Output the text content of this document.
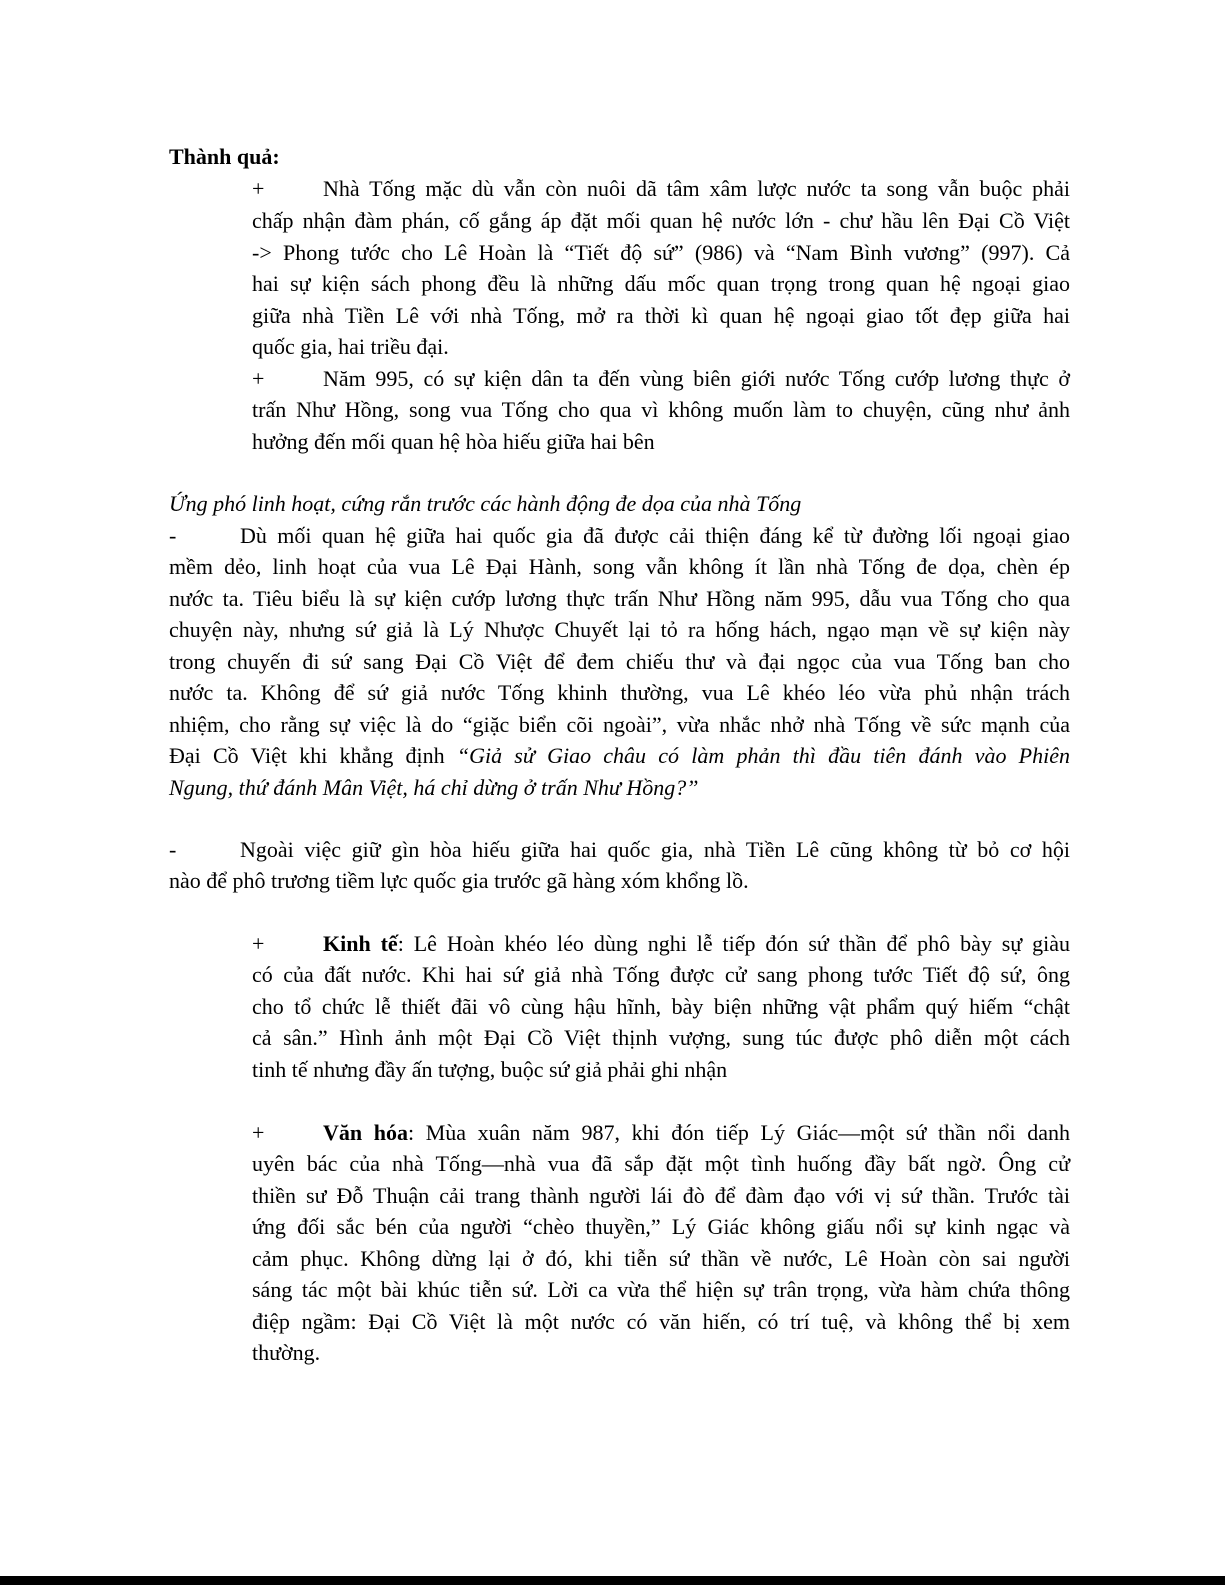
Thành quả:
+	Nhà Tống mặc dù vẫn còn nuôi dã tâm xâm lược nước ta song vẫn buộc phải
chấp nhận đàm phán, cố gắng áp đặt mối quan hệ nước lớn - chư hầu lên Đại Cồ Việt
-> Phong tước cho Lê Hoàn là “Tiết độ sứ” (986) và “Nam Bình vương” (997). Cả
hai sự kiện sách phong đều là những dấu mốc quan trọng trong quan hệ ngoại giao
giữa nhà Tiền Lê với nhà Tống, mở ra thời kì quan hệ ngoại giao tốt đẹp giữa hai
quốc gia, hai triều đại.
+	Năm 995, có sự kiện dân ta đến vùng biên giới nước Tống cướp lương thực ở
trấn Như Hồng, song vua Tống cho qua vì không muốn làm to chuyện, cũng như ảnh
hưởng đến mối quan hệ hòa hiếu giữa hai bên
Ứng phó linh hoạt, cứng rắn trước các hành động đe dọa của nhà Tống
-	Dù mối quan hệ giữa hai quốc gia đã được cải thiện đáng kể từ đường lối ngoại giao
mềm dẻo, linh hoạt của vua Lê Đại Hành, song vẫn không ít lần nhà Tống đe dọa, chèn ép
nước ta. Tiêu biểu là sự kiện cướp lương thực trấn Như Hồng năm 995, dẫu vua Tống cho qua
chuyện này, nhưng sứ giả là Lý Nhược Chuyết lại tỏ ra hống hách, ngạo mạn về sự kiện này
trong chuyến đi sứ sang Đại Cồ Việt để đem chiếu thư và đại ngọc của vua Tống ban cho
nước ta. Không để sứ giả nước Tống khinh thường, vua Lê khéo léo vừa phủ nhận trách
nhiệm, cho rằng sự việc là do “giặc biển cõi ngoài”, vừa nhắc nhở nhà Tống về sức mạnh của
Đại Cồ Việt khi khẳng định “Giả sử Giao châu có làm phản thì đầu tiên đánh vào Phiên
Ngung, thứ đánh Mân Việt, há chỉ dừng ở trấn Như Hồng?”
-	Ngoài việc giữ gìn hòa hiếu giữa hai quốc gia, nhà Tiền Lê cũng không từ bỏ cơ hội
nào để phô trương tiềm lực quốc gia trước gã hàng xóm khổng lồ.
+	Kinh tế: Lê Hoàn khéo léo dùng nghi lễ tiếp đón sứ thần để phô bày sự giàu
có của đất nước. Khi hai sứ giả nhà Tống được cử sang phong tước Tiết độ sứ, ông
cho tổ chức lễ thiết đãi vô cùng hậu hĩnh, bày biện những vật phẩm quý hiếm “chật
cả sân.” Hình ảnh một Đại Cồ Việt thịnh vượng, sung túc được phô diễn một cách
tinh tế nhưng đầy ấn tượng, buộc sứ giả phải ghi nhận
+	Văn hóa: Mùa xuân năm 987, khi đón tiếp Lý Giác—một sứ thần nổi danh
uyên bác của nhà Tống—nhà vua đã sắp đặt một tình huống đầy bất ngờ. Ông cử
thiền sư Đỗ Thuận cải trang thành người lái đò để đàm đạo với vị sứ thần. Trước tài
ứng đối sắc bén của người “chèo thuyền,” Lý Giác không giấu nổi sự kinh ngạc và
cảm phục. Không dừng lại ở đó, khi tiễn sứ thần về nước, Lê Hoàn còn sai người
sáng tác một bài khúc tiễn sứ. Lời ca vừa thể hiện sự trân trọng, vừa hàm chứa thông
điệp ngầm: Đại Cồ Việt là một nước có văn hiến, có trí tuệ, và không thể bị xem
thường.
